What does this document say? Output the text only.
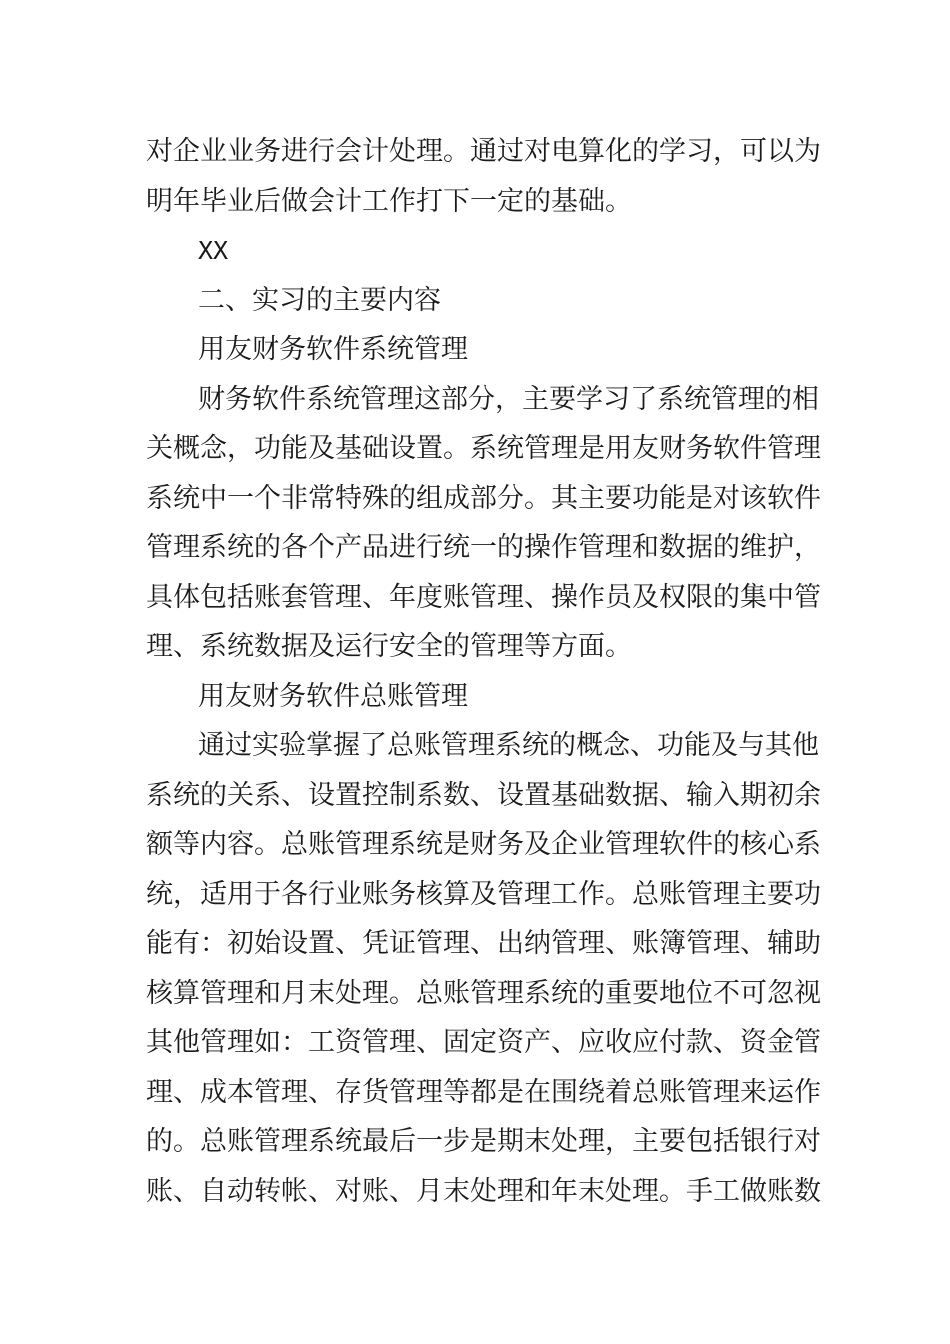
对企业业务进行会计处理。通过对电算化的学习，可以为
明年毕业后做会计工作打下一定的基础。
XX
二、实习的主要内容
用友财务软件系统管理
财务软件系统管理这部分，主要学习了系统管理的相
关概念，功能及基础设置。系统管理是用友财务软件管理
系统中一个非常特殊的组成部分。其主要功能是对该软件
管理系统的各个产品进行统一的操作管理和数据的维护，
具体包括账套管理、年度账管理、操作员及权限的集中管
理、系统数据及运行安全的管理等方面。
用友财务软件总账管理
通过实验掌握了总账管理系统的概念、功能及与其他
系统的关系、设置控制系数、设置基础数据、输入期初余
额等内容。总账管理系统是财务及企业管理软件的核心系
统，适用于各行业账务核算及管理工作。总账管理主要功
能有：初始设置、凭证管理、出纳管理、账簿管理、辅助
核算管理和月末处理。总账管理系统的重要地位不可忽视
其他管理如：工资管理、固定资产、应收应付款、资金管
理、成本管理、存货管理等都是在围绕着总账管理来运作
的。总账管理系统最后一步是期末处理，主要包括银行对
账、自动转帐、对账、月末处理和年末处理。手工做账数
